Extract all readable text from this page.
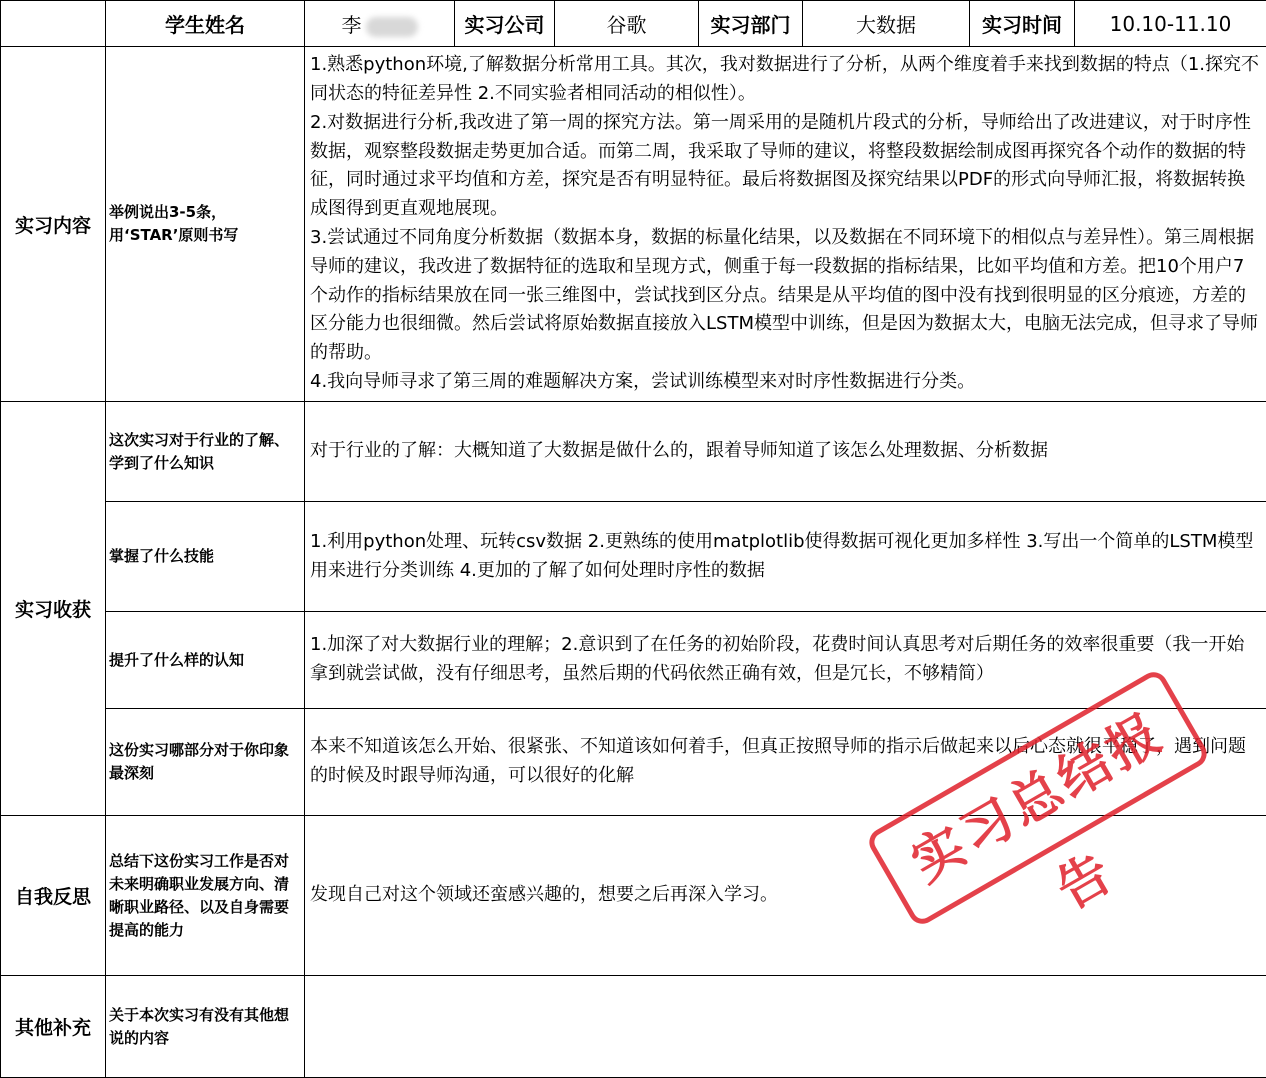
	学生姓名	李	实习公司	谷歌	实习部门	大数据	实习时间	10.10-11.10
实习内容	举例说出3-5条，用‘STAR’原则书写	1.熟悉python环境,了解数据分析常用工具。其次，我对数据进行了分析，从两个维度着手来找到数据的特点（1.探究不同状态的特征差异性 2.不同实验者相同活动的相似性）。
2.对数据进行分析,我改进了第一周的探究方法。第一周采用的是随机片段式的分析，导师给出了改进建议，对于时序性数据，观察整段数据走势更加合适。而第二周，我采取了导师的建议，将整段数据绘制成图再探究各个动作的数据的特征，同时通过求平均值和方差，探究是否有明显特征。最后将数据图及探究结果以PDF的形式向导师汇报，将数据转换成图得到更直观地展现。
3.尝试通过不同角度分析数据（数据本身，数据的标量化结果，以及数据在不同环境下的相似点与差异性）。第三周根据导师的建议，我改进了数据特征的选取和呈现方式，侧重于每一段数据的指标结果，比如平均值和方差。把10个用户7个动作的指标结果放在同一张三维图中，尝试找到区分点。结果是从平均值的图中没有找到很明显的区分痕迹，方差的区分能力也很细微。然后尝试将原始数据直接放入LSTM模型中训练，但是因为数据太大，电脑无法完成，但寻求了导师的帮助。
4.我向导师寻求了第三周的难题解决方案，尝试训练模型来对时序性数据进行分类。						

实习收获	这次实习对于行业的了解、学到了什么知识	对于行业的了解：大概知道了大数据是做什么的，跟着导师知道了该怎么处理数据、分析数据						
	掌握了什么技能	1.利用python处理、玩转csv数据 2.更熟练的使用matplotlib使得数据可视化更加多样性 3.写出一个简单的LSTM模型用来进行分类训练 4.更加的了解了如何处理时序性的数据						
	提升了什么样的认知	1.加深了对大数据行业的理解；2.意识到了在任务的初始阶段，花费时间认真思考对后期任务的效率很重要（我一开始拿到就尝试做，没有仔细思考，虽然后期的代码依然正确有效，但是冗长，不够精简）						
	这份实习哪部分对于你印象最深刻	本来不知道该怎么开始、很紧张、不知道该如何着手，但真正按照导师的指示后做起来以后心态就很平稳了，遇到问题的时候及时跟导师沟通，可以很好的化解						
自我反思	总结下这份实习工作是否对未来明确职业发展方向、清晰职业路径、以及自身需要提高的能力	发现自己对这个领域还蛮感兴趣的，想要之后再深入学习。						
其他补充	关于本次实习有没有其他想说的内容							
实习总结报告
